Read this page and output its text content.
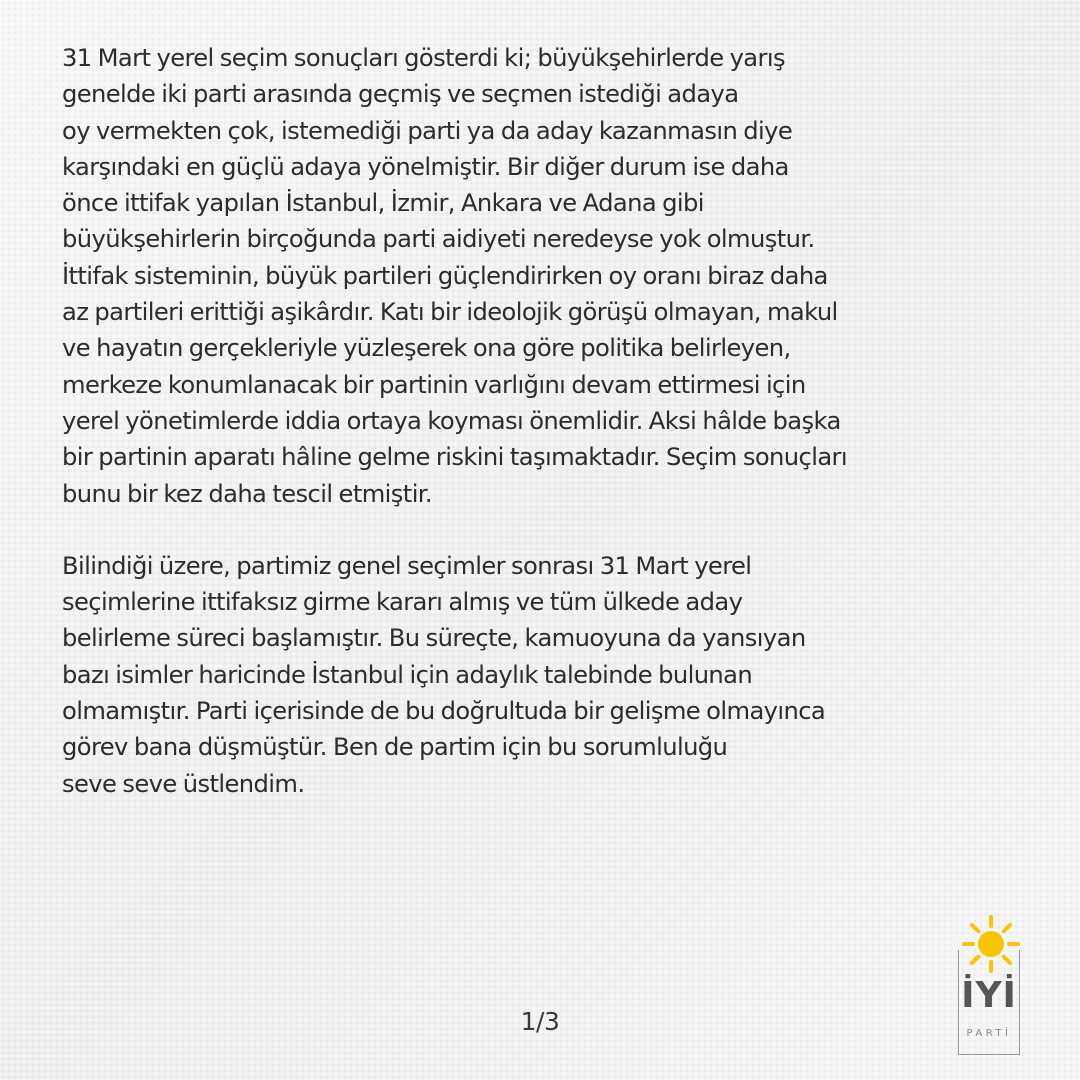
31 Mart yerel seçim sonuçları gösterdi ki; büyükşehirlerde yarış
genelde iki parti arasında geçmiş ve seçmen istediği adaya
oy vermekten çok, istemediği parti ya da aday kazanmasın diye
karşındaki en güçlü adaya yönelmiştir. Bir diğer durum ise daha
önce ittifak yapılan İstanbul, İzmir, Ankara ve Adana gibi
büyükşehirlerin birçoğunda parti aidiyeti neredeyse yok olmuştur.
İttifak sisteminin, büyük partileri güçlendirirken oy oranı biraz daha
az partileri erittiği aşikârdır. Katı bir ideolojik görüşü olmayan, makul
ve hayatın gerçekleriyle yüzleşerek ona göre politika belirleyen,
merkeze konumlanacak bir partinin varlığını devam ettirmesi için
yerel yönetimlerde iddia ortaya koyması önemlidir. Aksi hâlde başka
bir partinin aparatı hâline gelme riskini taşımaktadır. Seçim sonuçları
bunu bir kez daha tescil etmiştir.

Bilindiği üzere, partimiz genel seçimler sonrası 31 Mart yerel
seçimlerine ittifaksız girme kararı almış ve tüm ülkede aday
belirleme süreci başlamıştır. Bu süreçte, kamuoyuna da yansıyan
bazı isimler haricinde İstanbul için adaylık talebinde bulunan
olmamıştır. Parti içerisinde de bu doğrultuda bir gelişme olmayınca
görev bana düşmüştür. Ben de partim için bu sorumluluğu
seve seve üstlendim.

1/3
İYİ
PARTİ
